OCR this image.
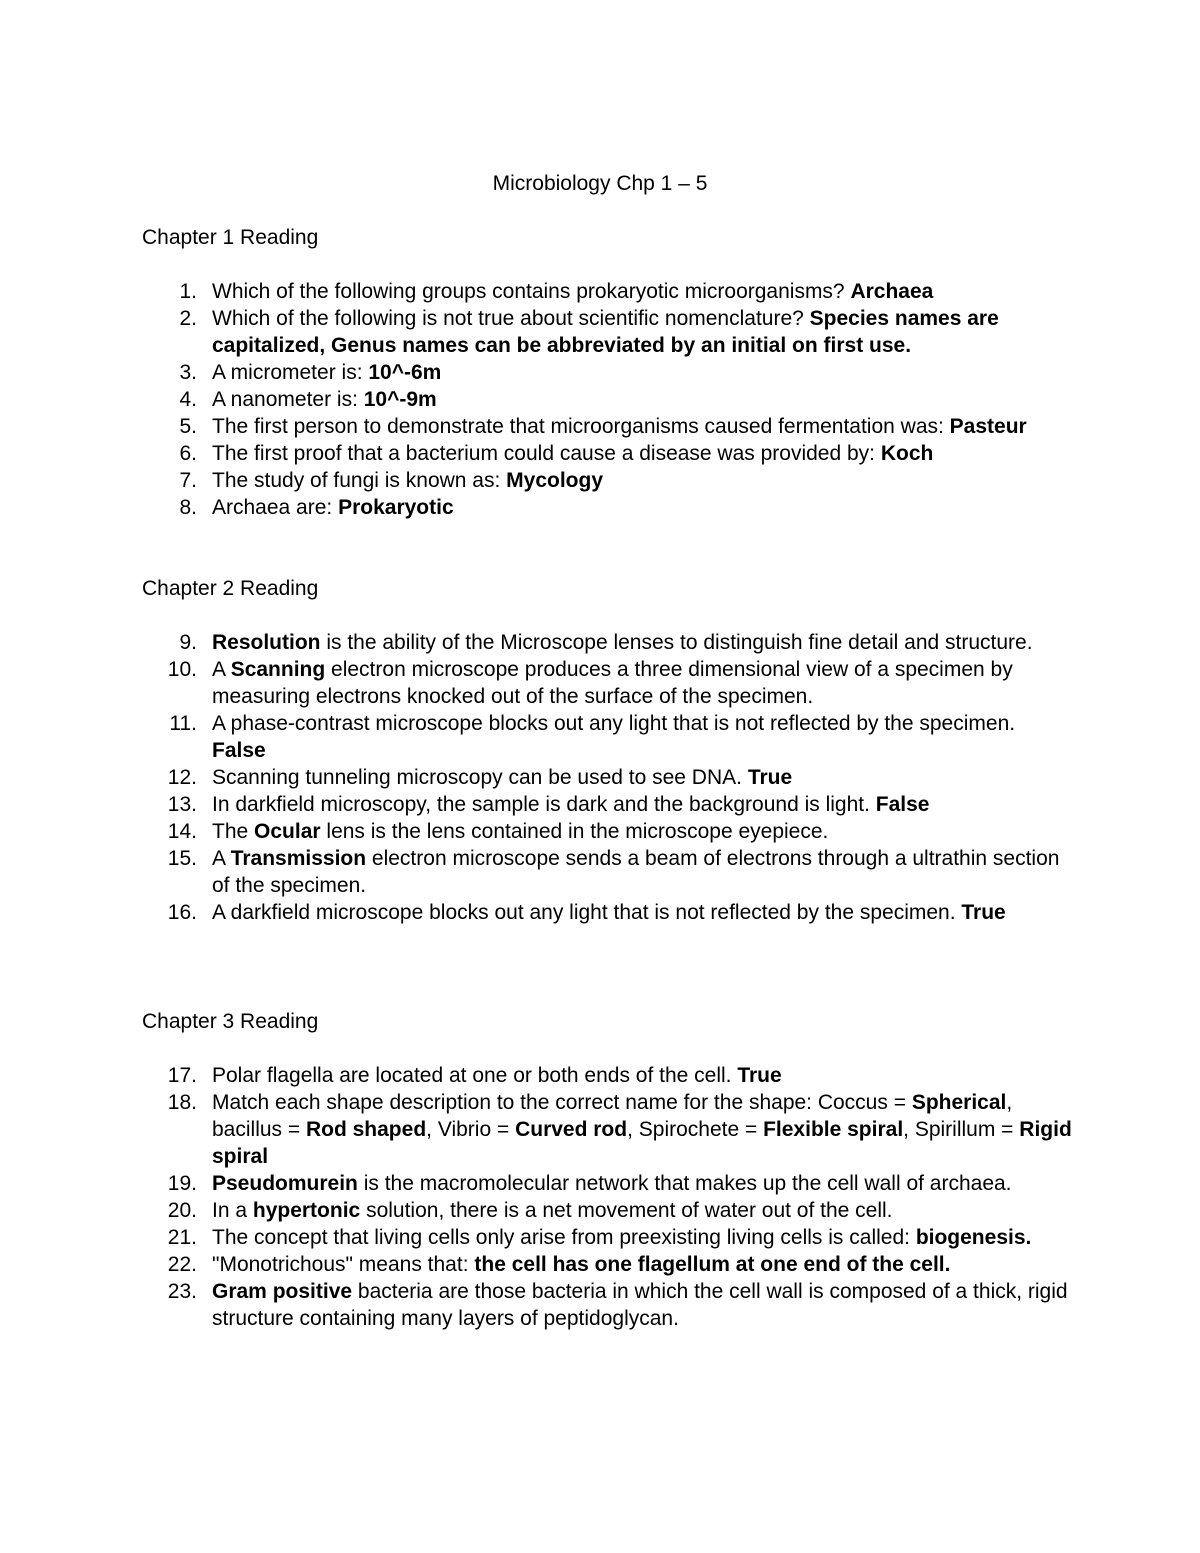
Microbiology Chp 1 – 5
Chapter 1 Reading
1. Which of the following groups contains prokaryotic microorganisms? Archaea
2. Which of the following is not true about scientific nomenclature? Species names are capitalized, Genus names can be abbreviated by an initial on first use.
3. A micrometer is: 10^-6m
4. A nanometer is: 10^-9m
5. The first person to demonstrate that microorganisms caused fermentation was: Pasteur
6. The first proof that a bacterium could cause a disease was provided by: Koch
7. The study of fungi is known as: Mycology
8. Archaea are: Prokaryotic
Chapter 2 Reading
9. Resolution is the ability of the Microscope lenses to distinguish fine detail and structure.
10. A Scanning electron microscope produces a three dimensional view of a specimen by measuring electrons knocked out of the surface of the specimen.
11. A phase-contrast microscope blocks out any light that is not reflected by the specimen. False
12. Scanning tunneling microscopy can be used to see DNA. True
13. In darkfield microscopy, the sample is dark and the background is light. False
14. The Ocular lens is the lens contained in the microscope eyepiece.
15. A Transmission electron microscope sends a beam of electrons through a ultrathin section of the specimen.
16. A darkfield microscope blocks out any light that is not reflected by the specimen. True
Chapter 3 Reading
17. Polar flagella are located at one or both ends of the cell. True
18. Match each shape description to the correct name for the shape: Coccus = Spherical, bacillus = Rod shaped, Vibrio = Curved rod, Spirochete = Flexible spiral, Spirillum = Rigid spiral
19. Pseudomurein is the macromolecular network that makes up the cell wall of archaea.
20. In a hypertonic solution, there is a net movement of water out of the cell.
21. The concept that living cells only arise from preexisting living cells is called: biogenesis.
22. "Monotrichous" means that: the cell has one flagellum at one end of the cell.
23. Gram positive bacteria are those bacteria in which the cell wall is composed of a thick, rigid structure containing many layers of peptidoglycan.
